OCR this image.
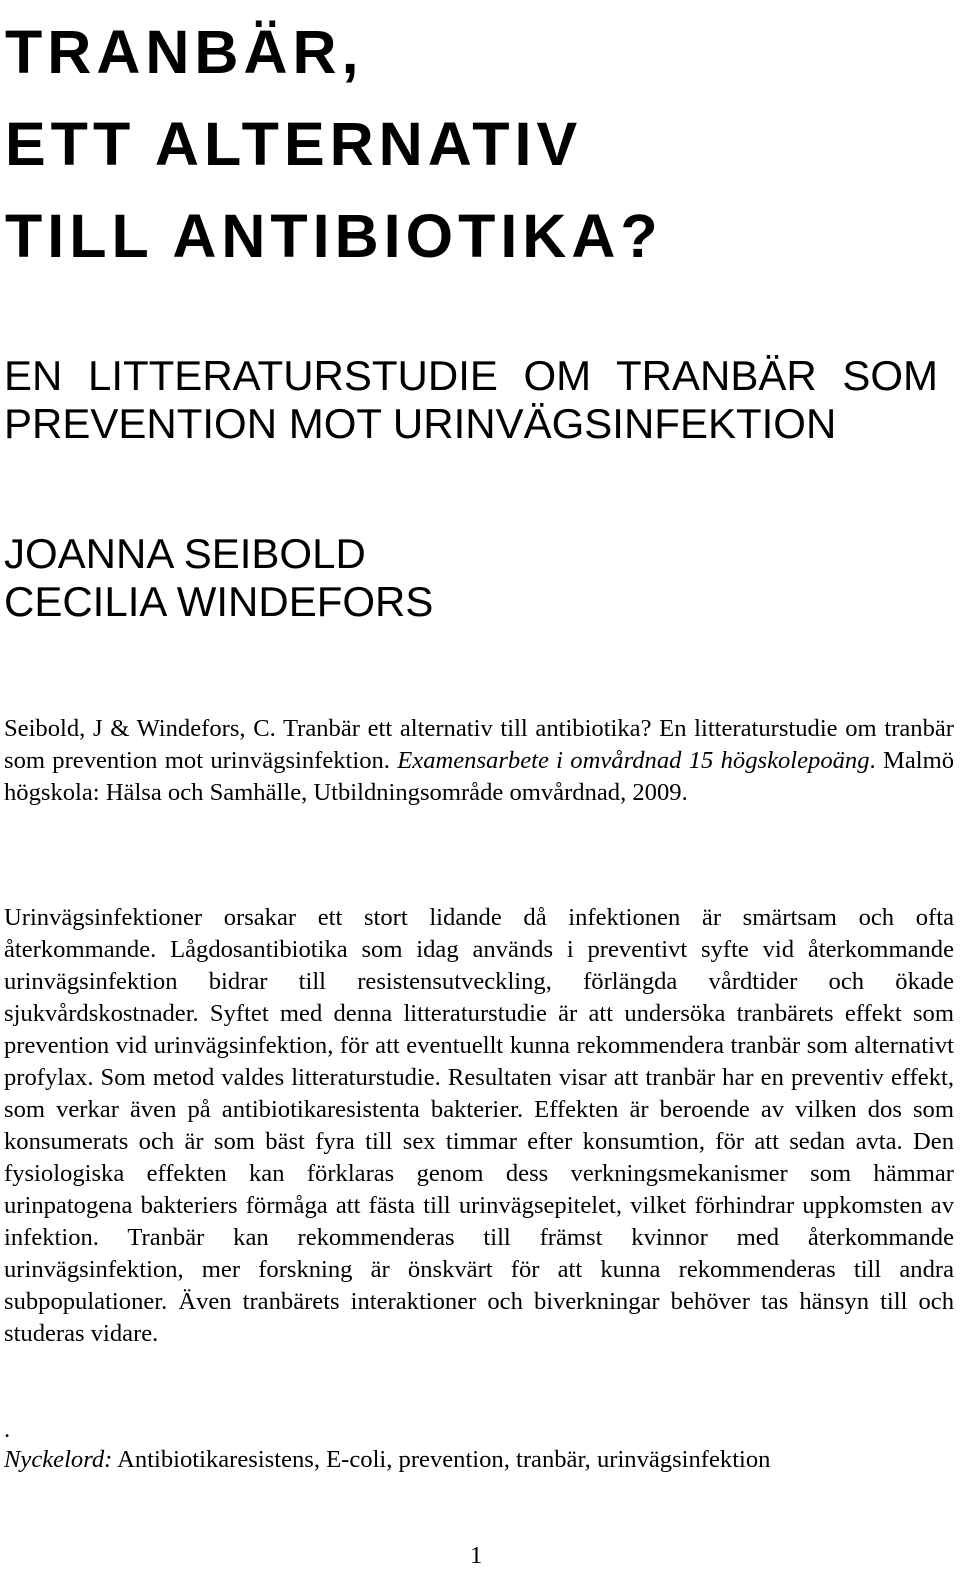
TRANBÄR,
ETT ALTERNATIV
TILL ANTIBIOTIKA?
EN LITTERATURSTUDIE OM TRANBÄR SOM
PREVENTION MOT URINVÄGSINFEKTION
JOANNA SEIBOLD
CECILIA WINDEFORS

Seibold, J & Windefors, C. Tranbär ett alternativ till antibiotika? En litteraturstudie om tranbär som prevention mot urinvägsinfektion. Examensarbete i omvårdnad 15 högskolepoäng. Malmö högskola: Hälsa och Samhälle, Utbildningsområde omvårdnad, 2009.

Urinvägsinfektioner orsakar ett stort lidande då infektionen är smärtsam och ofta återkommande. Lågdosantibiotika som idag används i preventivt syfte vid återkommande urinvägsinfektion bidrar till resistensutveckling, förlängda vårdtider och ökade sjukvårdskostnader. Syftet med denna litteraturstudie är att undersöka tranbärets effekt som prevention vid urinvägsinfektion, för att eventuellt kunna rekommendera tranbär som alternativt profylax. Som metod valdes litteraturstudie. Resultaten visar att tranbär har en preventiv effekt, som verkar även på antibiotikaresistenta bakterier. Effekten är beroende av vilken dos som konsumerats och är som bäst fyra till sex timmar efter konsumtion, för att sedan avta. Den fysiologiska effekten kan förklaras genom dess verkningsmekanismer som hämmar urinpatogena bakteriers förmåga att fästa till urinvägsepitelet, vilket förhindrar uppkomsten av infektion. Tranbär kan rekommenderas till främst kvinnor med återkommande urinvägsinfektion, mer forskning är önskvärt för att kunna rekommenderas till andra subpopulationer. Även tranbärets interaktioner och biverkningar behöver tas hänsyn till och studeras vidare.

.

Nyckelord: Antibiotikaresistens, E-coli, prevention, tranbär, urinvägsinfektion

1
